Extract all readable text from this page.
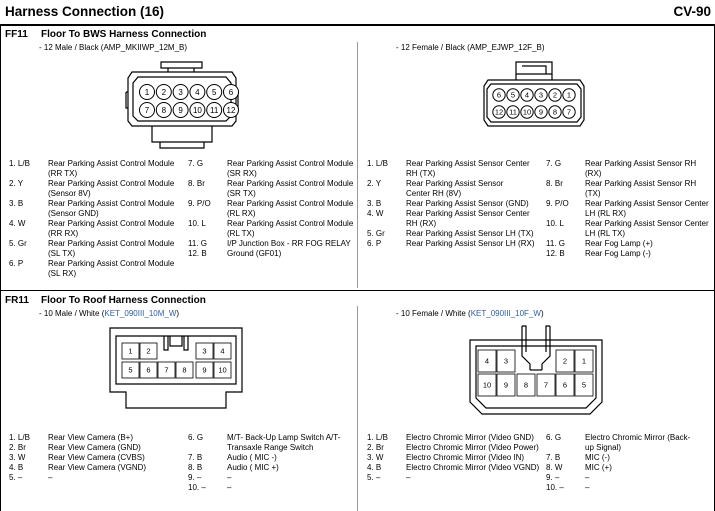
Harness Connection (16)	CV-90
FF11 Floor To BWS Harness Connection
- 12 Male / Black (AMP_MKIIWP_12M_B)	- 12 Female / Black (AMP_EJWP_12F_B)
1 2 3 4 5 6
7 8 9 10 11 12
6 5 4 3 2 1
12 11 10 9 8 7
1. L/B Rear Parking Assist Control Module (RR TX)
2. Y	Rear Parking Assist Control Module (Sensor 8V)
3. B	Rear Parking Assist Control Module (Sensor GND)
4. W	Rear Parking Assist Control Module (RR RX)
5. Gr	Rear Parking Assist Control Module (SL TX)
6. P	Rear Parking Assist Control Module (SL RX)
7. G	Rear Parking Assist Control Module (SR RX)
8. Br	Rear Parking Assist Control Module (SR TX)
9. P/O Rear Parking Assist Control Module (RL RX)
10. L	Rear Parking Assist Control Module (RL TX)
11. G	I/P Junction Box - RR FOG RELAY
12. B	Ground (GF01)
1. L/B Rear Parking Assist Sensor Center RH (TX)
2. Y	Rear Parking Assist Sensor Center RH (8V)
3. B	Rear Parking Assist Sensor (GND)
4. W	Rear Parking Assist Sensor Center RH (RX)
5. Gr	Rear Parking Assist Sensor LH (TX)
6. P	Rear Parking Assist Sensor LH (RX)
7. G	Rear Parking Assist Sensor RH (RX)
8. Br	Rear Parking Assist Sensor RH (TX)
9. P/O Rear Parking Assist Sensor Center LH (RL RX)
10. L	Rear Parking Assist Sensor Center LH (RL TX)
11. G	Rear Fog Lamp (+)
12. B	Rear Fog Lamp (-)
FR11 Floor To Roof Harness Connection
- 10 Male / White (KET_090III_10M_W)	- 10 Female / White (KET_090III_10F_W)
1 2	3 4
5 6 7 8 9 10
4 3	2 1
10 9 8 7 6 5
1. L/B Rear View Camera (B+)
2. Br	Rear View Camera (GND)
3. W	Rear View Camera (CVBS)
4. B	Rear View Camera (VGND)
5. –	–
6. G	M/T- Back-Up Lamp Switch A/T- Transaxle Range Switch
7. B	Audio ( MIC -)
8. B	Audio ( MIC +)
9. –	–
10. –	–
1. L/B Electro Chromic Mirror (Video GND)
2. Br	Electro Chromic Mirror (Video Power)
3. W	Electro Chromic Mirror (Video IN)
4. B	Electro Chromic Mirror (Video VGND)
5. –	–
6. G	Electro Chromic Mirror (Back-up Signal)
7. B	MIC (-)
8. W	MIC (+)
9. –	–
10. –	–
